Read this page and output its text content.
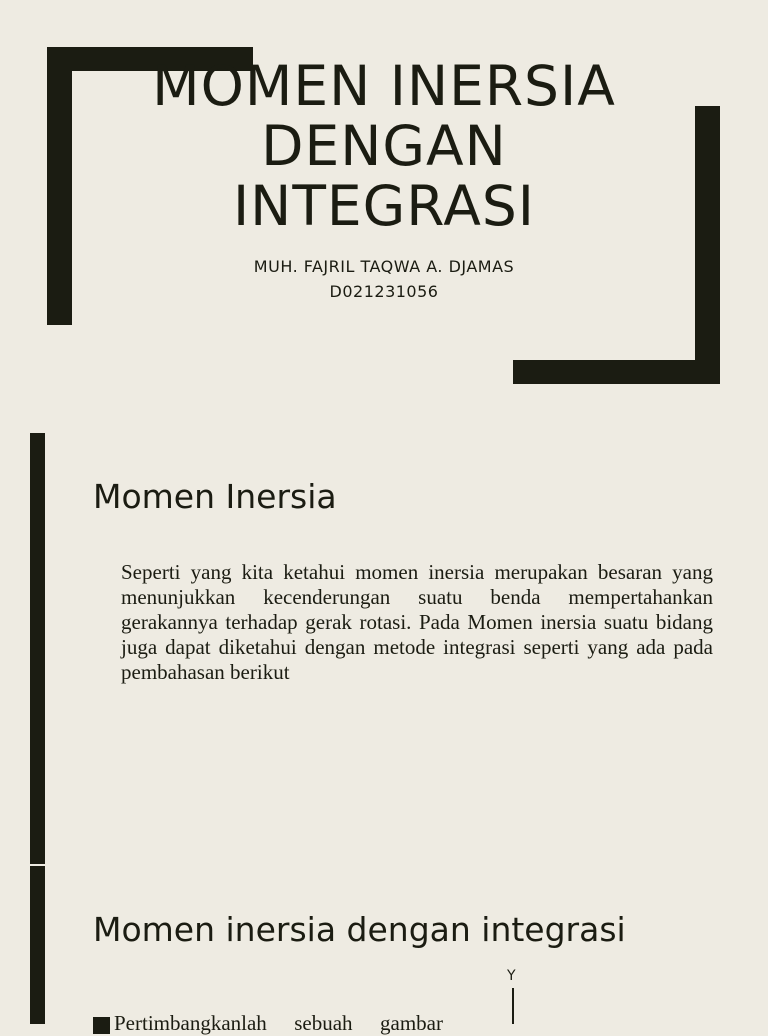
MOMEN INERSIA
DENGAN
INTEGRASI
MUH. FAJRIL TAQWA A. DJAMAS
D021231056
Momen Inersia
Seperti yang kita ketahui momen inersia merupakan besaran yang menunjukkan kecenderungan suatu benda mempertahankan gerakannya terhadap gerak rotasi. Pada Momen inersia suatu bidang juga dapat diketahui dengan metode integrasi seperti yang ada pada pembahasan berikut
Momen inersia dengan integrasi
Y
Pertimbangkanlah sebuah gambar
